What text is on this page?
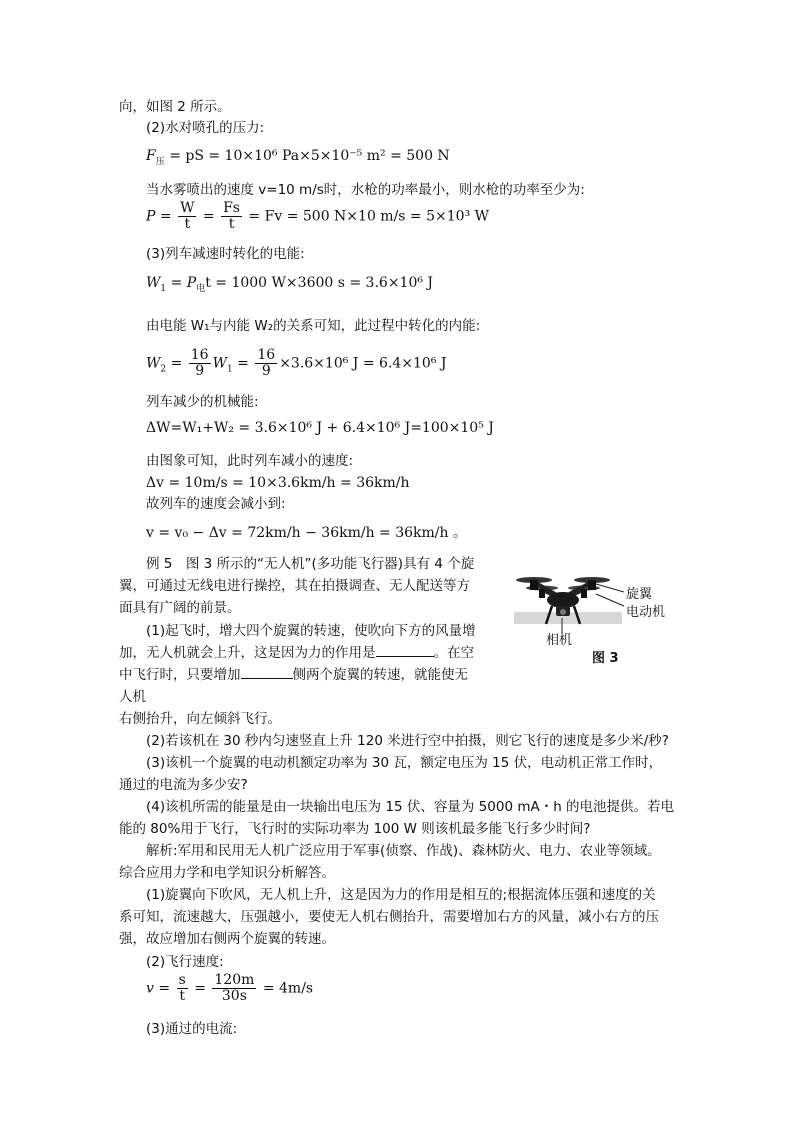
向，如图 2 所示。
(2)水对喷孔的压力:
$F_压$ = pS = 10×10⁶ Pa×5×10⁻⁵ m² = 500 N
当水雾喷出的速度 v=10 m/s时，水枪的功率最小，则水枪的功率至少为:
$P = \frac{W}{t} = \frac{Fs}{t} = Fv = 500$ N×10 m/s = 5×10³ W
(3)列车减速时转化的电能:
$W_1 = P_电t = 1000$ W×3600 s = 3.6×10⁶ J
由电能 W₁与内能 W₂的关系可知，此过程中转化的内能:
$W_2 = \frac{16}{9} W_1 = \frac{16}{9} \times 3.6\times 10^6$ J = 6.4×10⁶ J
列车减少的机械能:
ΔW=W₁+W₂ = 3.6×10⁶ J + 6.4×10⁶ J=100×10⁵ J
由图象可知，此时列车减小的速度:
Δv = 10m/s = 10×3.6km/h = 36km/h
故列车的速度会减小到:
v = v₀ − Δv = 72km/h − 36km/h = 36km/h 。
例 5　图 3 所示的“无人机”(多功能飞行器)具有 4 个旋
翼，可通过无线电进行操控，其在拍摄调查、无人配送等方
面具有广阔的前景。
(1)起飞时，增大四个旋翼的转速，使吹向下方的风量增
加，无人机就会上升，这是因为力的作用是	。在空
中飞行时，只要增加	侧两个旋翼的转速，就能使无
人机
右侧抬升，向左倾斜飞行。
(2)若该机在 30 秒内匀速竖直上升 120 米进行空中拍摄，则它飞行的速度是多少米/秒?
(3)该机一个旋翼的电动机额定功率为 30 瓦，额定电压为 15 伏，电动机正常工作时，
通过的电流为多少安?
(4)该机所需的能量是由一块输出电压为 15 伏、容量为 5000 mA・h 的电池提供。若电
能的 80%用于飞行，飞行时的实际功率为 100 W 则该机最多能飞行多少时间?
解析:军用和民用无人机广泛应用于军事(侦察、作战)、森林防火、电力、农业等领域。
综合应用力学和电学知识分析解答。
(1)旋翼向下吹风，无人机上升，这是因为力的作用是相互的;根据流体压强和速度的关
系可知，流速越大，压强越小，要使无人机右侧抬升，需要增加右方的风量，减小右方的压
强，故应增加右侧两个旋翼的转速。
(2)飞行速度:
$v = \frac{s}{t} = \frac{120m}{30s} = 4m/s$
(3)通过的电流:
旋翼
电动机
相机
图 3
